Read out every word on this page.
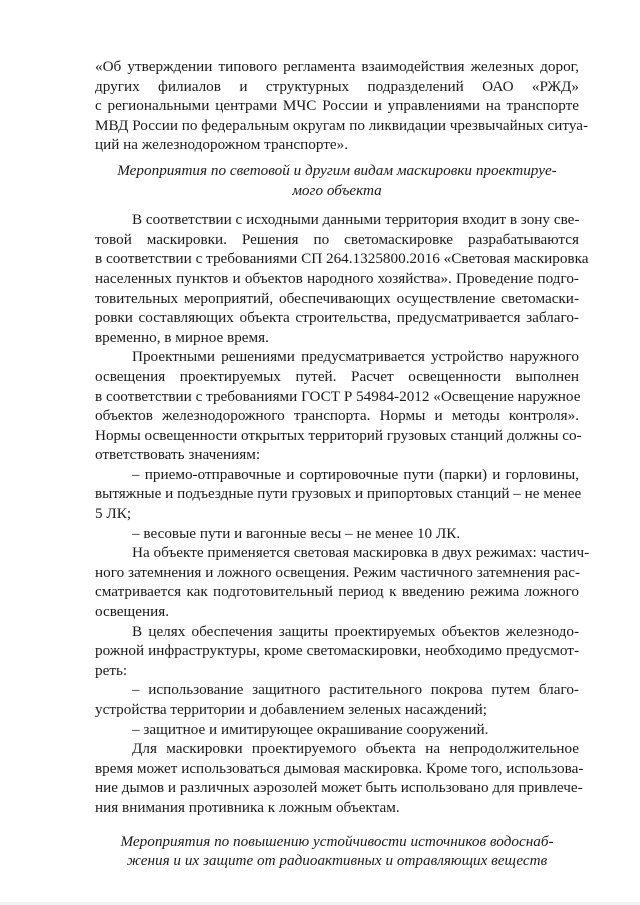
«Об утверждении типового регламента взаимодействия железных дорог,
других филиалов и структурных подразделений ОАО «РЖД»
с региональными центрами МЧС России и управлениями на транспорте
МВД России по федеральным округам по ликвидации чрезвычайных ситуа-
ций на железнодорожном транспорте».
Мероприятия по световой и другим видам маскировки проектируе-
мого объекта
В соответствии с исходными данными территория входит в зону све-
товой маскировки. Решения по светомаскировке разрабатываются
в соответствии с требованиями СП 264.1325800.2016 «Световая маскировка
населенных пунктов и объектов народного хозяйства». Проведение подго-
товительных мероприятий, обеспечивающих осуществление светомаски-
ровки составляющих объекта строительства, предусматривается заблаго-
временно, в мирное время.
Проектными решениями предусматривается устройство наружного
освещения проектируемых путей. Расчет освещенности выполнен
в соответствии с требованиями ГОСТ Р 54984-2012 «Освещение наружное
объектов железнодорожного транспорта. Нормы и методы контроля».
Нормы освещенности открытых территорий грузовых станций должны со-
ответствовать значениям:
– приемо-отправочные и сортировочные пути (парки) и горловины,
вытяжные и подъездные пути грузовых и припортовых станций – не менее
5 ЛК;
– весовые пути и вагонные весы – не менее 10 ЛК.
На объекте применяется световая маскировка в двух режимах: частич-
ного затемнения и ложного освещения. Режим частичного затемнения рас-
сматривается как подготовительный период к введению режима ложного
освещения.
В целях обеспечения защиты проектируемых объектов железнодо-
рожной инфраструктуры, кроме светомаскировки, необходимо предусмот-
реть:
– использование защитного растительного покрова путем благо-
устройства территории и добавлением зеленых насаждений;
– защитное и имитирующее окрашивание сооружений.
Для маскировки проектируемого объекта на непродолжительное
время может использоваться дымовая маскировка. Кроме того, использова-
ние дымов и различных аэрозолей может быть использовано для привлече-
ния внимания противника к ложным объектам.
Мероприятия по повышению устойчивости источников водоснаб-
жения и их защите от радиоактивных и отравляющих веществ
